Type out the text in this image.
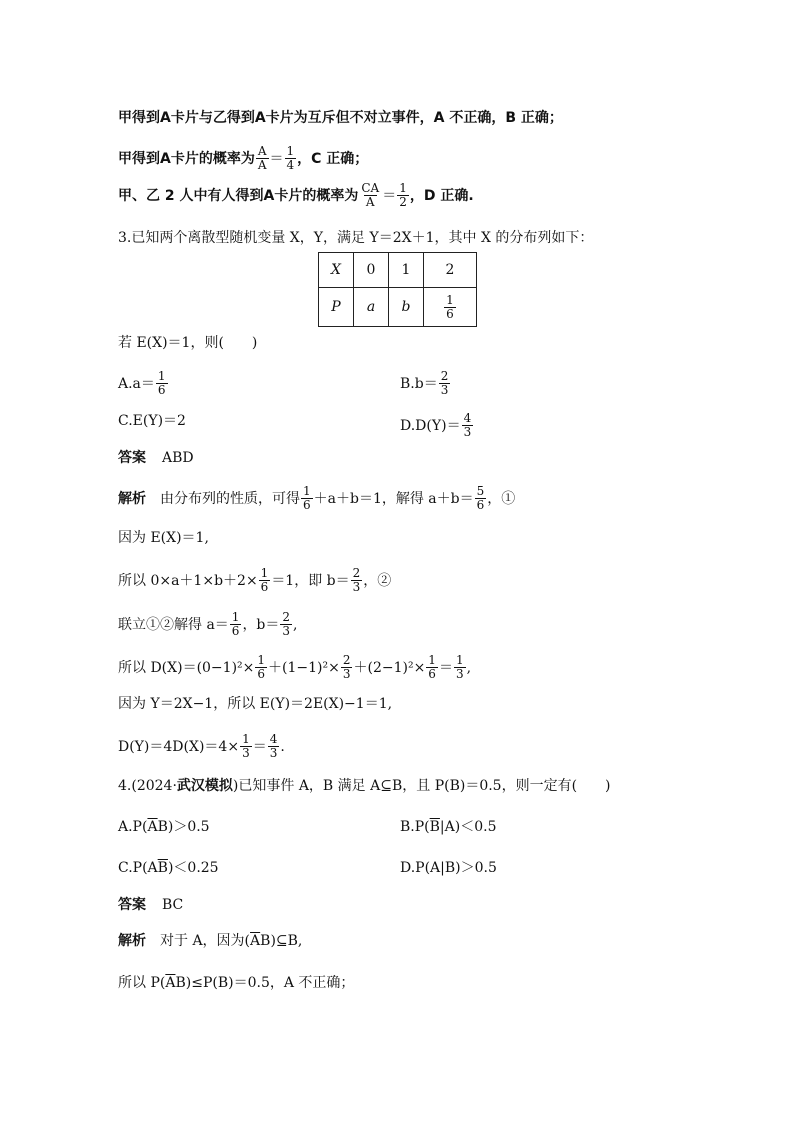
甲得到A卡片与乙得到A卡片为互斥但不对立事件，A 不正确，B 正确；
甲得到A卡片的概率为 $\frac{A}{A} = \frac{1}{4}$ ，C 正确；
甲、乙 2 人中有人得到A卡片的概率为 $\frac{CA}{A} = \frac{1}{2}$ ，D 正确.
3.已知两个离散型随机变量 X，Y，满足 Y＝2X＋1，其中 X 的分布列如下：
X	0	1	2
P	a	b	$\frac{1}{6}$
若 E(X)＝1，则(　　)
$A.a= \frac{1}{6}$	$B.b= \frac{2}{3}$
C.E(Y)＝2	$D.D(Y)= \frac{4}{3}$
答案 ABD
解析 由分布列的性质，可得 $\frac{1}{6} +a+b=1$，解得 $a+b= \frac{5}{6}$ ，①
因为 E(X)＝1,
所以 $0\times a+1\times b+2\times \frac{1}{6} =1$，即 $b= \frac{2}{3}$ ，②
联立①②解得 $a= \frac{1}{6}$ ，$b= \frac{2}{3}$ ,
所以 $D(X)=(0-1)^2\times \frac{1}{6} +(1-1)^2\times \frac{2}{3} +(2-1)^2\times \frac{1}{6} = \frac{1}{3}$ ,
因为 Y＝2X−1，所以 E(Y)＝2E(X)−1＝1,
$D(Y)=4D(X)=4\times \frac{1}{3} = \frac{4}{3}$ .
4.(2024· 武汉模拟 )已知事件 A，B 满足 A⊆B，且 P(B)＝0.5，则一定有(　　)
A.P( $\overline{A}$ B)＞0.5	B.P( $\overline{B}$ |A)＜0.5
C.P(A $\overline{B}$ )＜0.25	D.P(A|B)＞0.5
答案 BC
解析 对于 A，因为( $\overline{A}$ B)⊆B,
所以 P( $\overline{A}$ B)≤P(B)＝0.5，A 不正确；
